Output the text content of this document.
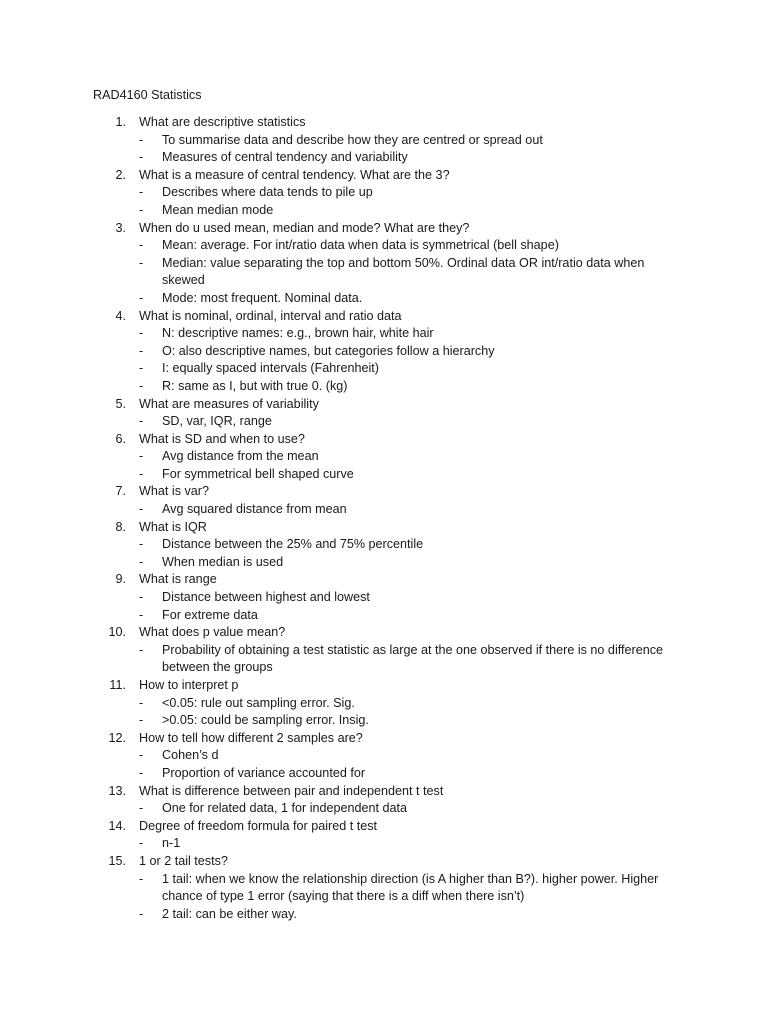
RAD4160 Statistics
1. What are descriptive statistics
-	To summarise data and describe how they are centred or spread out
-	Measures of central tendency and variability
2. What is a measure of central tendency. What are the 3?
-	Describes where data tends to pile up
-	Mean median mode
3. When do u used mean, median and mode? What are they?
-	Mean: average. For int/ratio data when data is symmetrical (bell shape)
-	Median: value separating the top and bottom 50%. Ordinal data OR int/ratio data when skewed
-	Mode: most frequent. Nominal data.
4. What is nominal, ordinal, interval and ratio data
-	N: descriptive names: e.g., brown hair, white hair
-	O: also descriptive names, but categories follow a hierarchy
-	I: equally spaced intervals (Fahrenheit)
-	R: same as I, but with true 0. (kg)
5. What are measures of variability
-	SD, var, IQR, range
6. What is SD and when to use?
-	Avg distance from the mean
-	For symmetrical bell shaped curve
7. What is var?
-	Avg squared distance from mean
8. What is IQR
-	Distance between the 25% and 75% percentile
-	When median is used
9. What is range
-	Distance between highest and lowest
-	For extreme data
10. What does p value mean?
-	Probability of obtaining a test statistic as large at the one observed if there is no difference between the groups
11. How to interpret p
-	<0.05: rule out sampling error. Sig.
-	>0.05: could be sampling error. Insig.
12. How to tell how different 2 samples are?
-	Cohen’s d
-	Proportion of variance accounted for
13. What is difference between pair and independent t test
-	One for related data, 1 for independent data
14. Degree of freedom formula for paired t test
-	n-1
15. 1 or 2 tail tests?
-	1 tail: when we know the relationship direction (is A higher than B?). higher power. Higher chance of type 1 error (saying that there is a diff when there isn’t)
-	2 tail: can be either way.
